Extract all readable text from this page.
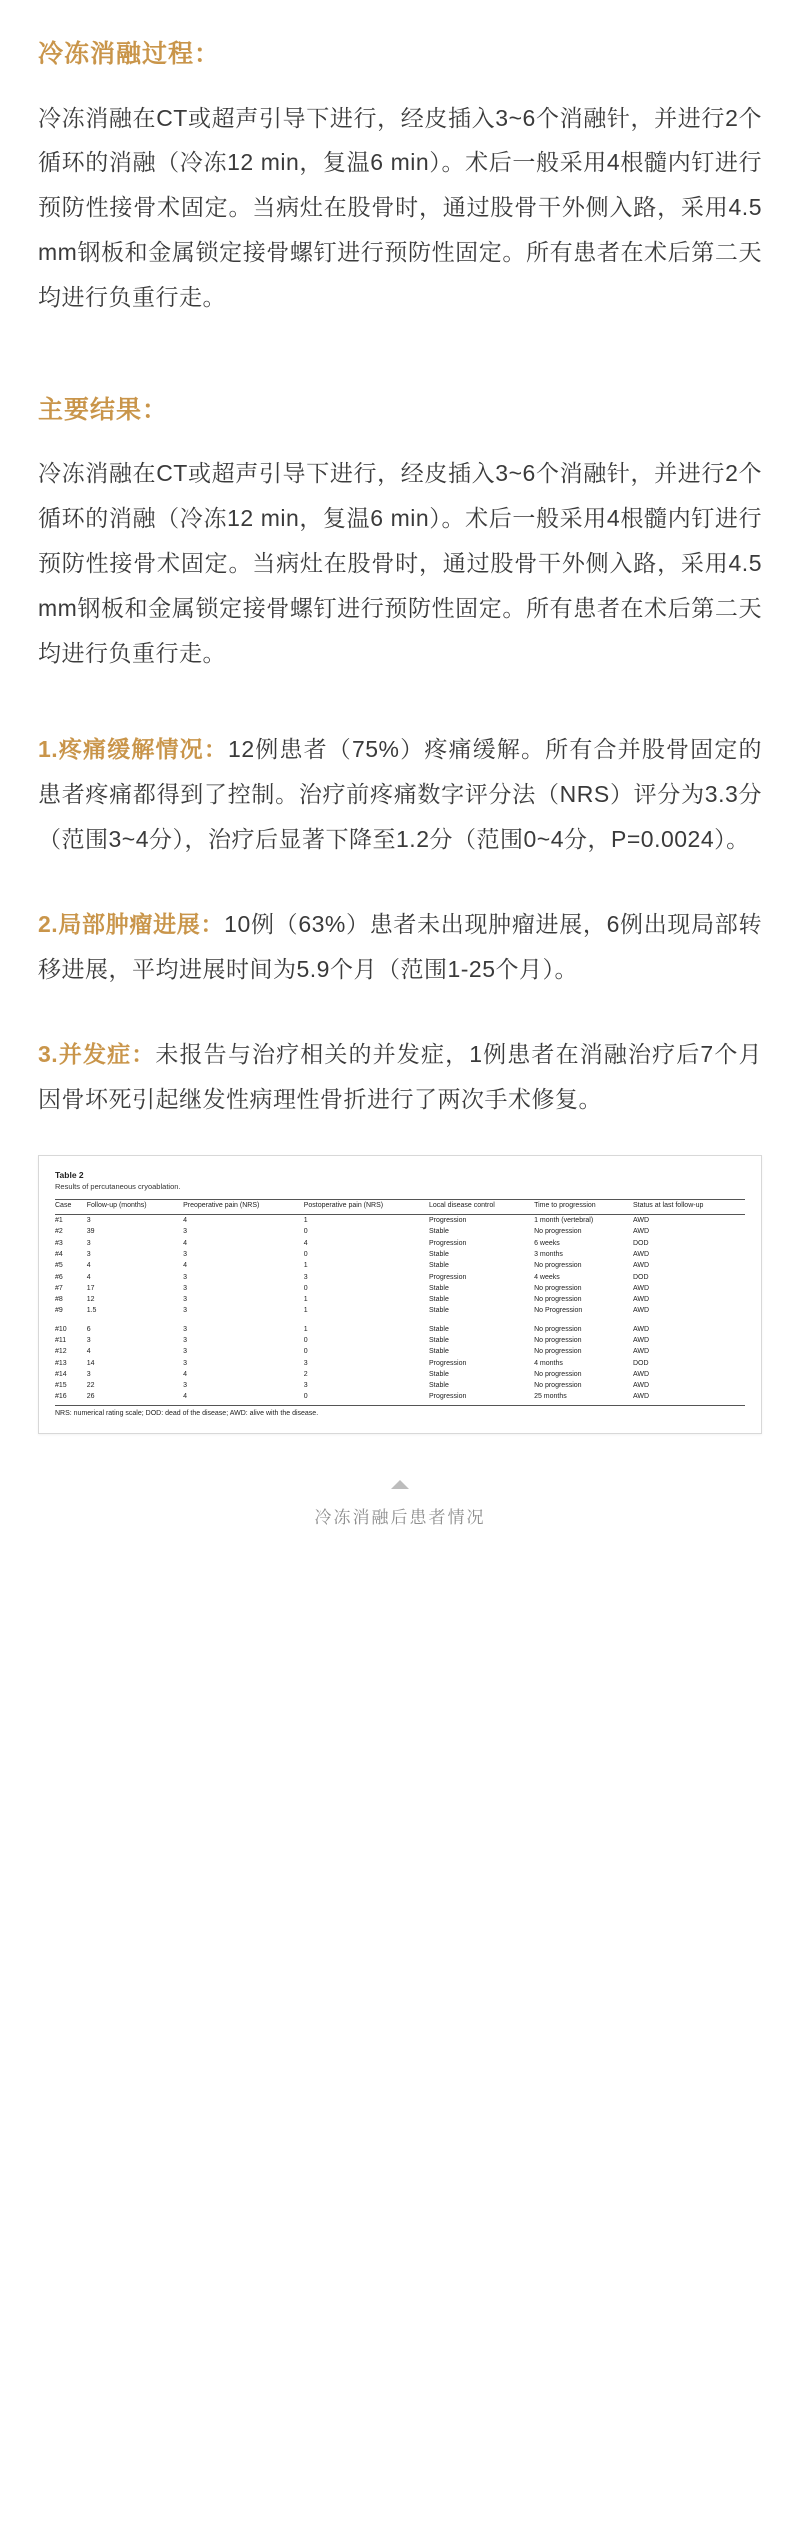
冷冻消融过程：

冷冻消融在CT或超声引导下进行，经皮插入3~6个消融针，并进行2个循环的消融（冷冻12 min，复温6 min）。术后一般采用4根髓内钉进行预防性接骨术固定。当病灶在股骨时，通过股骨干外侧入路，采用4.5 mm钢板和金属锁定接骨螺钉进行预防性固定。所有患者在术后第二天均进行负重行走。

主要结果：

冷冻消融在CT或超声引导下进行，经皮插入3~6个消融针，并进行2个循环的消融（冷冻12 min，复温6 min）。术后一般采用4根髓内钉进行预防性接骨术固定。当病灶在股骨时，通过股骨干外侧入路，采用4.5 mm钢板和金属锁定接骨螺钉进行预防性固定。所有患者在术后第二天均进行负重行走。

1.疼痛缓解情况：12例患者（75%）疼痛缓解。所有合并股骨固定的患者疼痛都得到了控制。治疗前疼痛数字评分法（NRS）评分为3.3分（范围3~4分），治疗后显著下降至1.2分（范围0~4分，P=0.0024）。

2.局部肿瘤进展：10例（63%）患者未出现肿瘤进展，6例出现局部转移进展，平均进展时间为5.9个月（范围1-25个月）。

3.并发症：未报告与治疗相关的并发症，1例患者在消融治疗后7个月因骨坏死引起继发性病理性骨折进行了两次手术修复。

Table 2
Results of percutaneous cryoablation.
Case	Follow-up (months)	Preoperative pain (NRS)	Postoperative pain (NRS)	Local disease control	Time to progression	Status at last follow-up
#1	3	4	1	Progression	1 month (vertebral)	AWD
#2	39	3	0	Stable	No progression	AWD
#3	3	4	4	Progression	6 weeks	DOD
#4	3	3	0	Stable	3 months	AWD
#5	4	4	1	Stable	No progression	AWD
#6	4	3	3	Progression	4 weeks	DOD
#7	17	3	0	Stable	No progression	AWD
#8	12	3	1	Stable	No progression	AWD
#9	1.5	3	1	Stable	No Progression	AWD

#10	6	3	1	Stable	No progression	AWD
#11	3	3	0	Stable	No progression	AWD
#12	4	3	0	Stable	No progression	AWD
#13	14	3	3	Progression	4 months	DOD
#14	3	4	2	Stable	No progression	AWD
#15	22	3	3	Stable	No progression	AWD
#16	26	4	0	Progression	25 months	AWD
NRS: numerical rating scale; DOD: dead of the disease; AWD: alive with the disease.
冷冻消融后患者情况
